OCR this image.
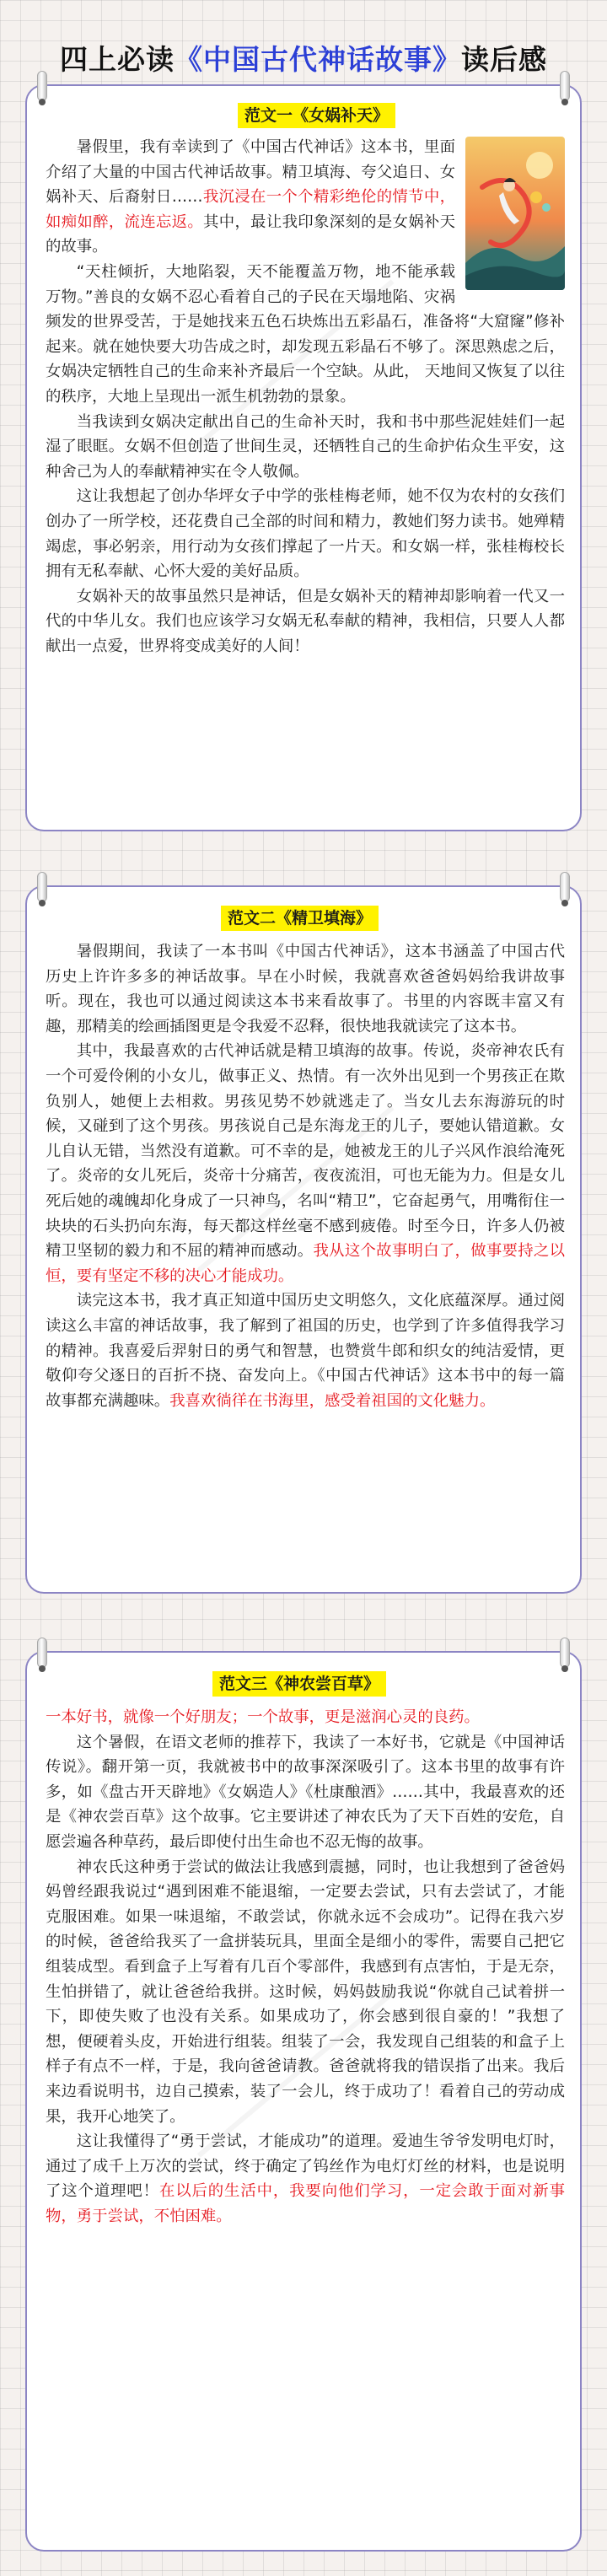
四上必读《中国古代神话故事》读后感
范文一《女娲补天》

暑假里，我有幸读到了《中国古代神话》这本书，里面介绍了大量的中国古代神话故事。精卫填海、夸父追日、女娲补天、后裔射日……我沉浸在一个个精彩绝伦的情节中，如痴如醉，流连忘返。其中，最让我印象深刻的是女娲补天的故事。

“天柱倾折，大地陷裂，天不能覆盖万物，地不能承载万物。”善良的女娲不忍心看着自己的子民在天塌地陷、灾祸频发的世界受苦，于是她找来五色石块炼出五彩晶石，准备将“大窟窿”修补起来。就在她快要大功告成之时，却发现五彩晶石不够了。深思熟虑之后，女娲决定牺牲自己的生命来补齐最后一个空缺。从此， 天地间又恢复了以往的秩序，大地上呈现出一派生机勃勃的景象。

当我读到女娲决定献出自己的生命补天时，我和书中那些泥娃娃们一起湿了眼眶。女娲不但创造了世间生灵，还牺牲自己的生命护佑众生平安，这种舍己为人的奉献精神实在令人敬佩。

这让我想起了创办华坪女子中学的张桂梅老师，她不仅为农村的女孩们创办了一所学校，还花费自己全部的时间和精力，教她们努力读书。她殚精竭虑，事必躬亲，用行动为女孩们撑起了一片天。和女娲一样，张桂梅校长拥有无私奉献、心怀大爱的美好品质。

女娲补天的故事虽然只是神话，但是女娲补天的精神却影响着一代又一代的中华儿女。我们也应该学习女娲无私奉献的精神，我相信，只要人人都献出一点爱，世界将变成美好的人间！

范文二《精卫填海》

暑假期间，我读了一本书叫《中国古代神话》，这本书涵盖了中国古代历史上许许多多的神话故事。早在小时候，我就喜欢爸爸妈妈给我讲故事听。现在，我也可以通过阅读这本书来看故事了。书里的内容既丰富又有趣，那精美的绘画插图更是令我爱不忍释，很快地我就读完了这本书。

其中，我最喜欢的古代神话就是精卫填海的故事。传说，炎帝神农氏有一个可爱伶俐的小女儿，做事正义、热情。有一次外出见到一个男孩正在欺负别人，她便上去相救。男孩见势不妙就逃走了。当女儿去东海游玩的时候，又碰到了这个男孩。男孩说自己是东海龙王的儿子，要她认错道歉。女儿自认无错，当然没有道歉。可不幸的是，她被龙王的儿子兴风作浪给淹死了。炎帝的女儿死后，炎帝十分痛苦，夜夜流泪，可也无能为力。但是女儿死后她的魂魄却化身成了一只神鸟，名叫“精卫”，它奋起勇气，用嘴衔住一块块的石头扔向东海，每天都这样丝毫不感到疲倦。时至今日，许多人仍被精卫坚韧的毅力和不屈的精神而感动。我从这个故事明白了，做事要持之以恒，要有坚定不移的决心才能成功。

读完这本书，我才真正知道中国历史文明悠久，文化底蕴深厚。通过阅读这么丰富的神话故事，我了解到了祖国的历史，也学到了许多值得我学习的精神。我喜爱后羿射日的勇气和智慧，也赞赏牛郎和织女的纯洁爱情，更敬仰夸父逐日的百折不挠、奋发向上。《中国古代神话》这本书中的每一篇故事都充满趣味。我喜欢徜徉在书海里，感受着祖国的文化魅力。

范文三《神农尝百草》

一本好书，就像一个好朋友；一个故事，更是滋润心灵的良药。

这个暑假，在语文老师的推荐下，我读了一本好书，它就是《中国神话传说》。翻开第一页，我就被书中的故事深深吸引了。这本书里的故事有许多，如《盘古开天辟地》《女娲造人》《杜康酿酒》……其中，我最喜欢的还是《神农尝百草》这个故事。它主要讲述了神农氏为了天下百姓的安危，自愿尝遍各种草药，最后即使付出生命也不忍无悔的故事。

神农氏这种勇于尝试的做法让我感到震撼，同时，也让我想到了爸爸妈妈曾经跟我说过“遇到困难不能退缩，一定要去尝试，只有去尝试了，才能克服困难。如果一味退缩，不敢尝试，你就永远不会成功”。记得在我六岁的时候，爸爸给我买了一盒拼装玩具，里面全是细小的零件，需要自己把它组装成型。看到盒子上写着有几百个零部件，我感到有点害怕，于是无奈，生怕拼错了，就让爸爸给我拼。这时候，妈妈鼓励我说“你就自己试着拼一下，即使失败了也没有关系。如果成功了，你会感到很自豪的！”我想了想，便硬着头皮，开始进行组装。组装了一会，我发现自己组装的和盒子上样子有点不一样，于是，我向爸爸请教。爸爸就将我的错误指了出来。我后来边看说明书，边自己摸索，装了一会儿，终于成功了！看着自己的劳动成果，我开心地笑了。

这让我懂得了“勇于尝试，才能成功”的道理。爱迪生爷爷发明电灯时，通过了成千上万次的尝试，终于确定了钨丝作为电灯灯丝的材料，也是说明了这个道理吧！在以后的生活中，我要向他们学习，一定会敢于面对新事物，勇于尝试，不怕困难。
